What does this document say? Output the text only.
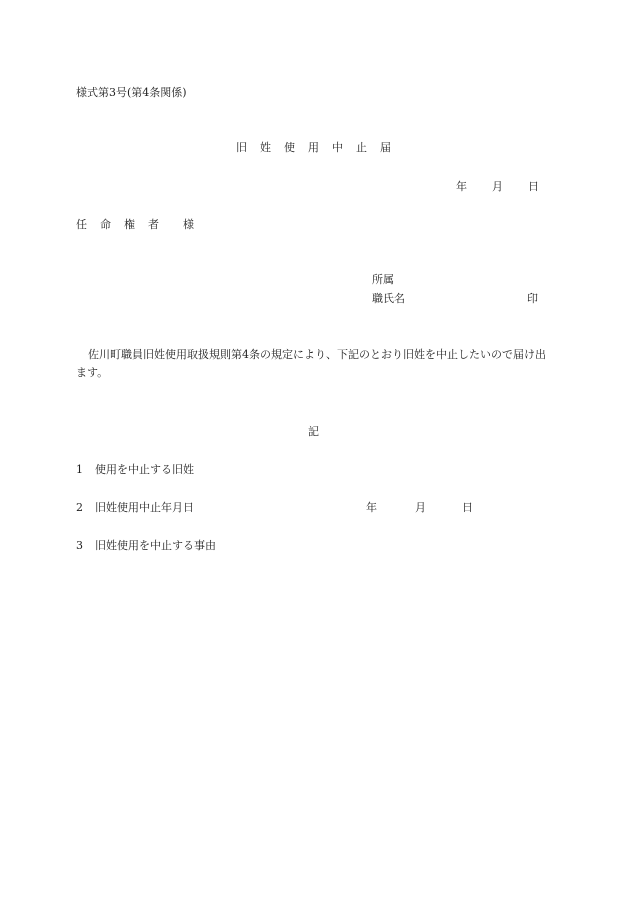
様式第3号(第4条関係)
旧姓使用中止届
年 月 日
任命権者 様
所属
職氏名	印
佐川町職員旧姓使用取扱規則第4条の規定により、下記のとおり旧姓を中止したいので届け出ます。
記
1 使用を中止する旧姓
2 旧姓使用中止年月日	年	月	日
3 旧姓使用を中止する事由
